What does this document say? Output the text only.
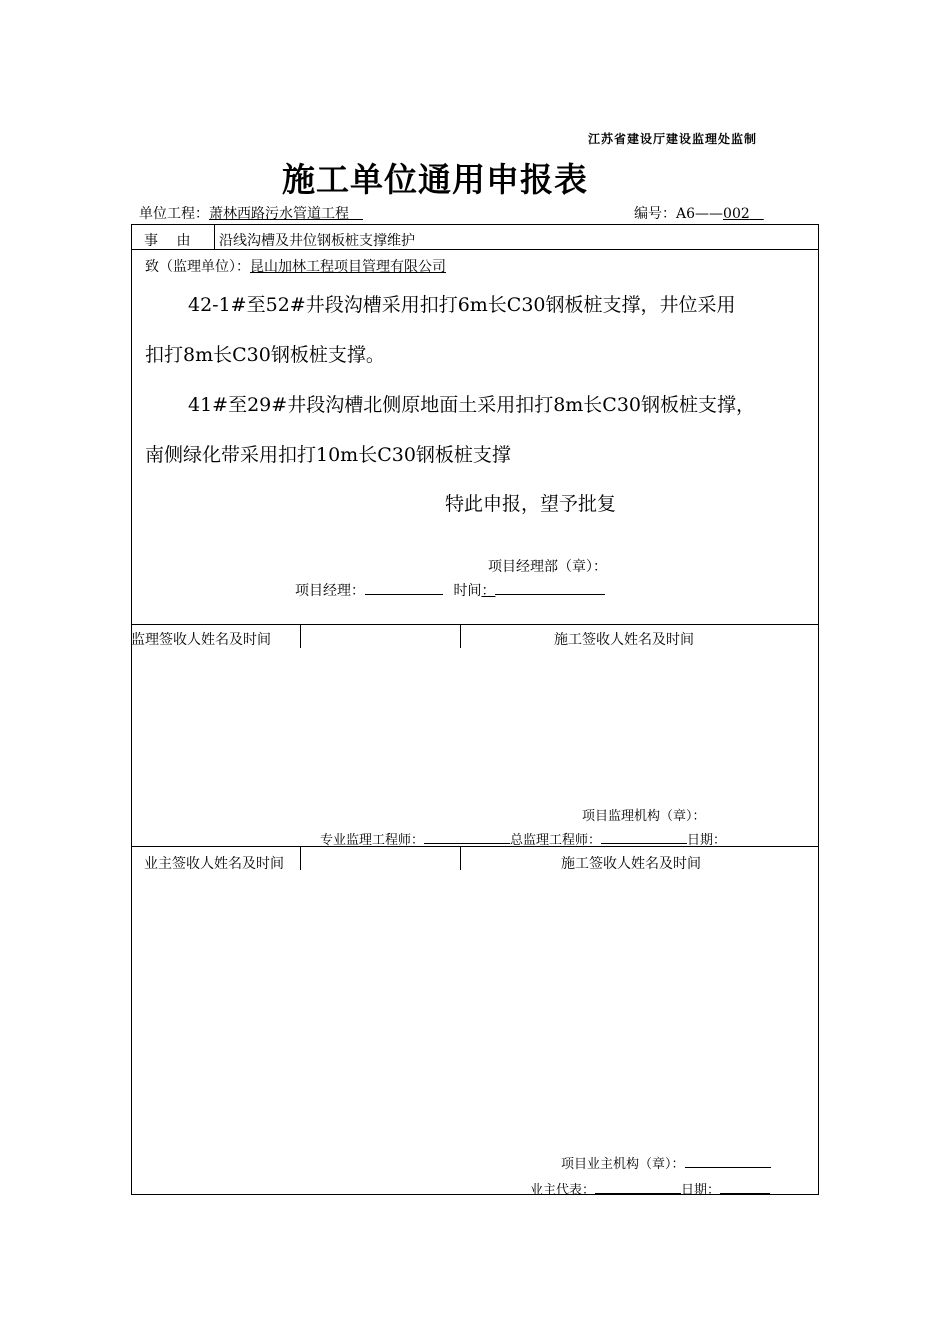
江苏省建设厅建设监理处监制
施工单位通用申报表
单位工程：萧林西路污水管道工程　	编号：A6——002　
事　 由 沿线沟槽及井位钢板桩支撑维护
致（监理单位）：昆山加林工程项目管理有限公司
42-1#至52#井段沟槽采用扣打6m长C30钢板桩支撑，井位采用
扣打8m长C30钢板桩支撑。
41#至29#井段沟槽北侧原地面土采用扣打8m长C30钢板桩支撑，
南侧绿化带采用扣打10m长C30钢板桩支撑
特此申报，望予批复
项目经理部（章）：
项目经理：	时间：
监理签收人姓名及时间	施工签收人姓名及时间
项目监理机构（章）：
专业监理工程师：	总监理工程师：	日期：
业主签收人姓名及时间	施工签收人姓名及时间
项目业主机构（章）：
业主代表：	日期：
